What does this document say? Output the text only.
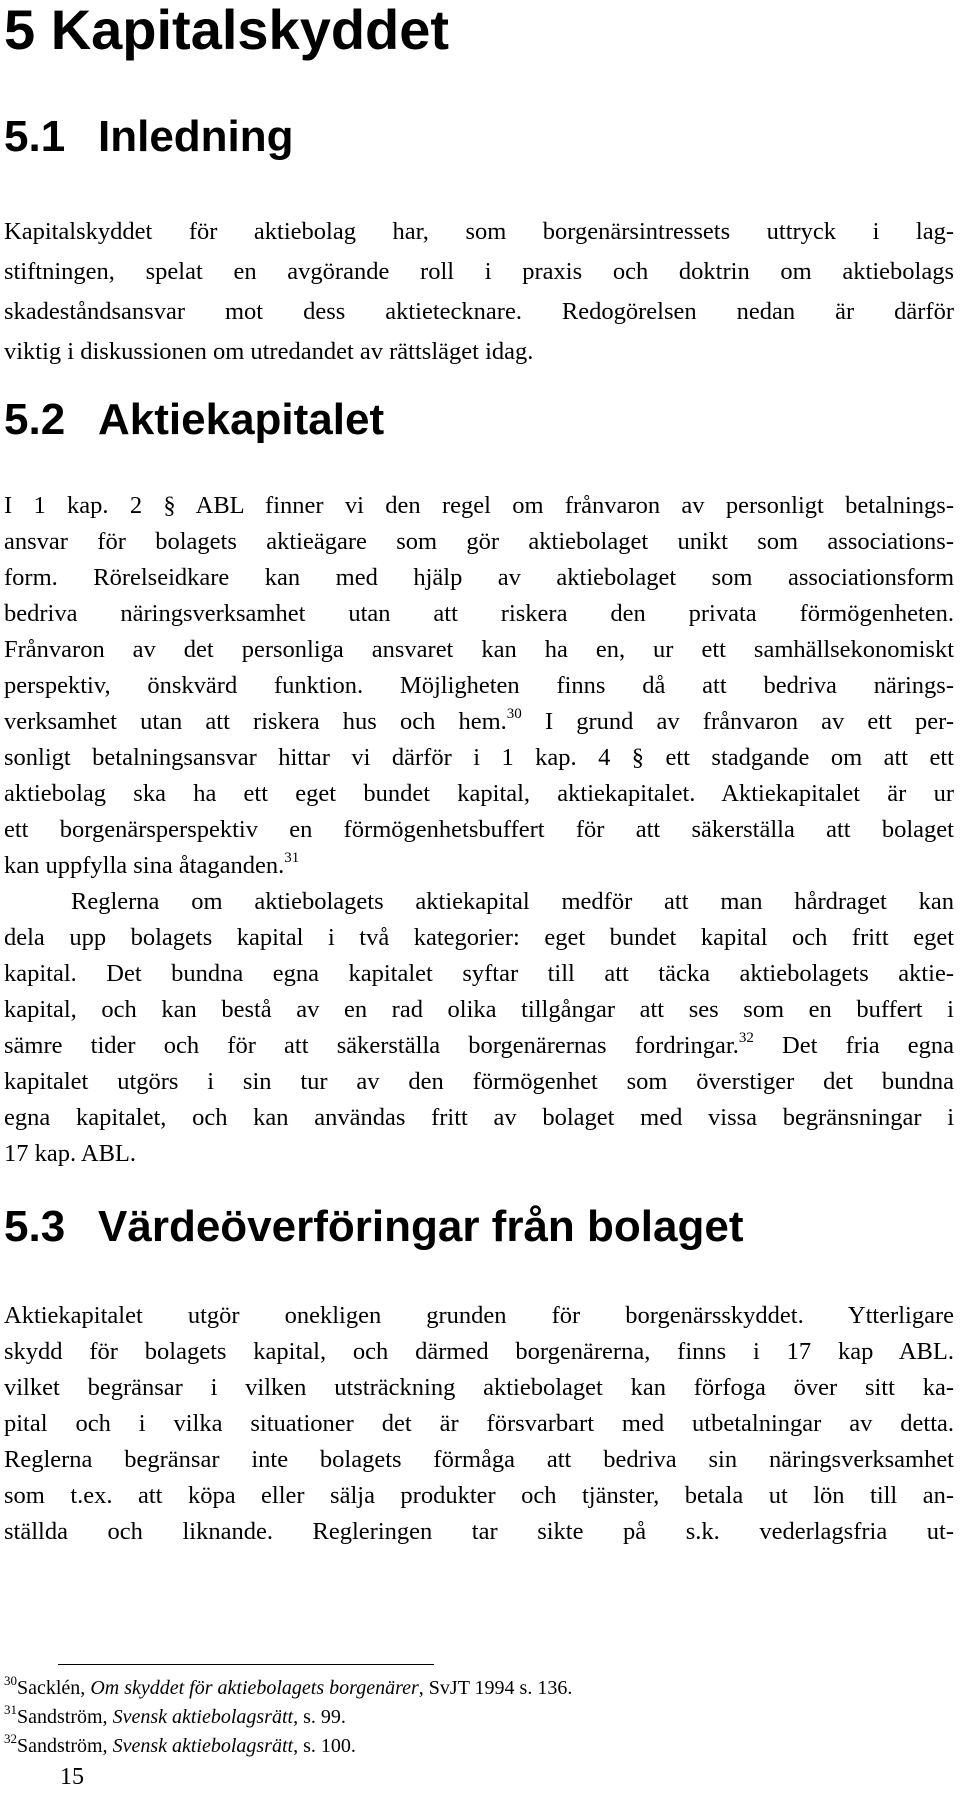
5 Kapitalskyddet
5.1 Inledning
Kapitalskyddet för aktiebolag har, som borgenärsintressets uttryck i lag-
stiftningen, spelat en avgörande roll i praxis och doktrin om aktiebolags
skadeståndsansvar mot dess aktietecknare. Redogörelsen nedan är därför
viktig i diskussionen om utredandet av rättsläget idag.
5.2 Aktiekapitalet
I 1 kap. 2 § ABL finner vi den regel om frånvaron av personligt betalnings-
ansvar för bolagets aktieägare som gör aktiebolaget unikt som associations-
form. Rörelseidkare kan med hjälp av aktiebolaget som associationsform
bedriva näringsverksamhet utan att riskera den privata förmögenheten.
Frånvaron av det personliga ansvaret kan ha en, ur ett samhällsekonomiskt
perspektiv, önskvärd funktion. Möjligheten finns då att bedriva närings-
verksamhet utan att riskera hus och hem.$^{30}$ I grund av frånvaron av ett per-
sonligt betalningsansvar hittar vi därför i 1 kap. 4 § ett stadgande om att ett
aktiebolag ska ha ett eget bundet kapital, aktiekapitalet. Aktiekapitalet är ur
ett borgenärsperspektiv en förmögenhetsbuffert för att säkerställa att bolaget
kan uppfylla sina åtaganden.$^{31}$
Reglerna om aktiebolagets aktiekapital medför att man hårdraget kan
dela upp bolagets kapital i två kategorier: eget bundet kapital och fritt eget
kapital. Det bundna egna kapitalet syftar till att täcka aktiebolagets aktie-
kapital, och kan bestå av en rad olika tillgångar att ses som en buffert i
sämre tider och för att säkerställa borgenärernas fordringar.$^{32}$ Det fria egna
kapitalet utgörs i sin tur av den förmögenhet som överstiger det bundna
egna kapitalet, och kan användas fritt av bolaget med vissa begränsningar i
17 kap. ABL.
5.3 Värdeöverföringar från bolaget
Aktiekapitalet utgör onekligen grunden för borgenärsskyddet. Ytterligare
skydd för bolagets kapital, och därmed borgenärerna, finns i 17 kap ABL.
vilket begränsar i vilken utsträckning aktiebolaget kan förfoga över sitt ka-
pital och i vilka situationer det är försvarbart med utbetalningar av detta.
Reglerna begränsar inte bolagets förmåga att bedriva sin näringsverksamhet
som t.ex. att köpa eller sälja produkter och tjänster, betala ut lön till an-
ställda och liknande. Regleringen tar sikte på s.k. vederlagsfria ut-
$^{30}$Sacklén, Om skyddet för aktiebolagets borgenärer, SvJT 1994 s. 136.
$^{31}$Sandström, Svensk aktiebolagsrätt, s. 99.
$^{32}$Sandström, Svensk aktiebolagsrätt, s. 100.
15
